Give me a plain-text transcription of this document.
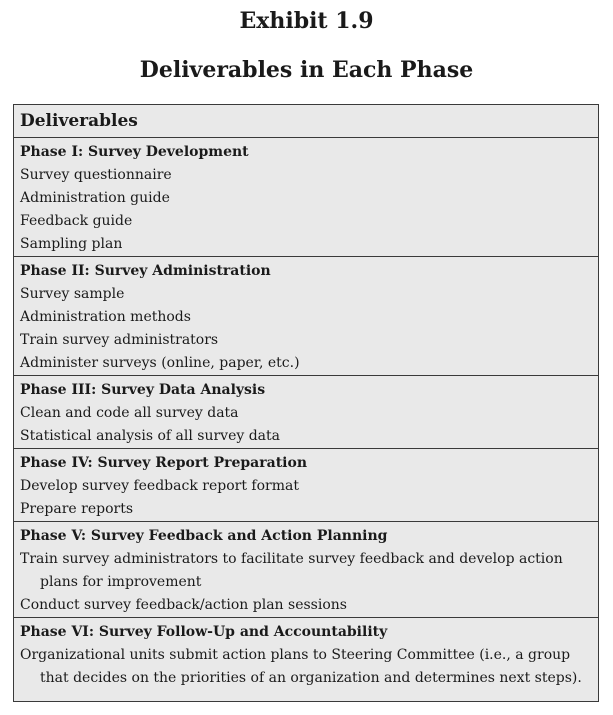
Exhibit 1.9
Deliverables in Each Phase
Deliverables
Phase I: Survey Development
Survey questionnaire
Administration guide
Feedback guide
Sampling plan
Phase II: Survey Administration
Survey sample
Administration methods
Train survey administrators
Administer surveys (online, paper, etc.)
Phase III: Survey Data Analysis
Clean and code all survey data
Statistical analysis of all survey data
Phase IV: Survey Report Preparation
Develop survey feedback report format
Prepare reports
Phase V: Survey Feedback and Action Planning
Train survey administrators to facilitate survey feedback and develop action plans for improvement
Conduct survey feedback/action plan sessions
Phase VI: Survey Follow-Up and Accountability
Organizational units submit action plans to Steering Committee (i.e., a group that decides on the priorities of an organization and determines next steps).
